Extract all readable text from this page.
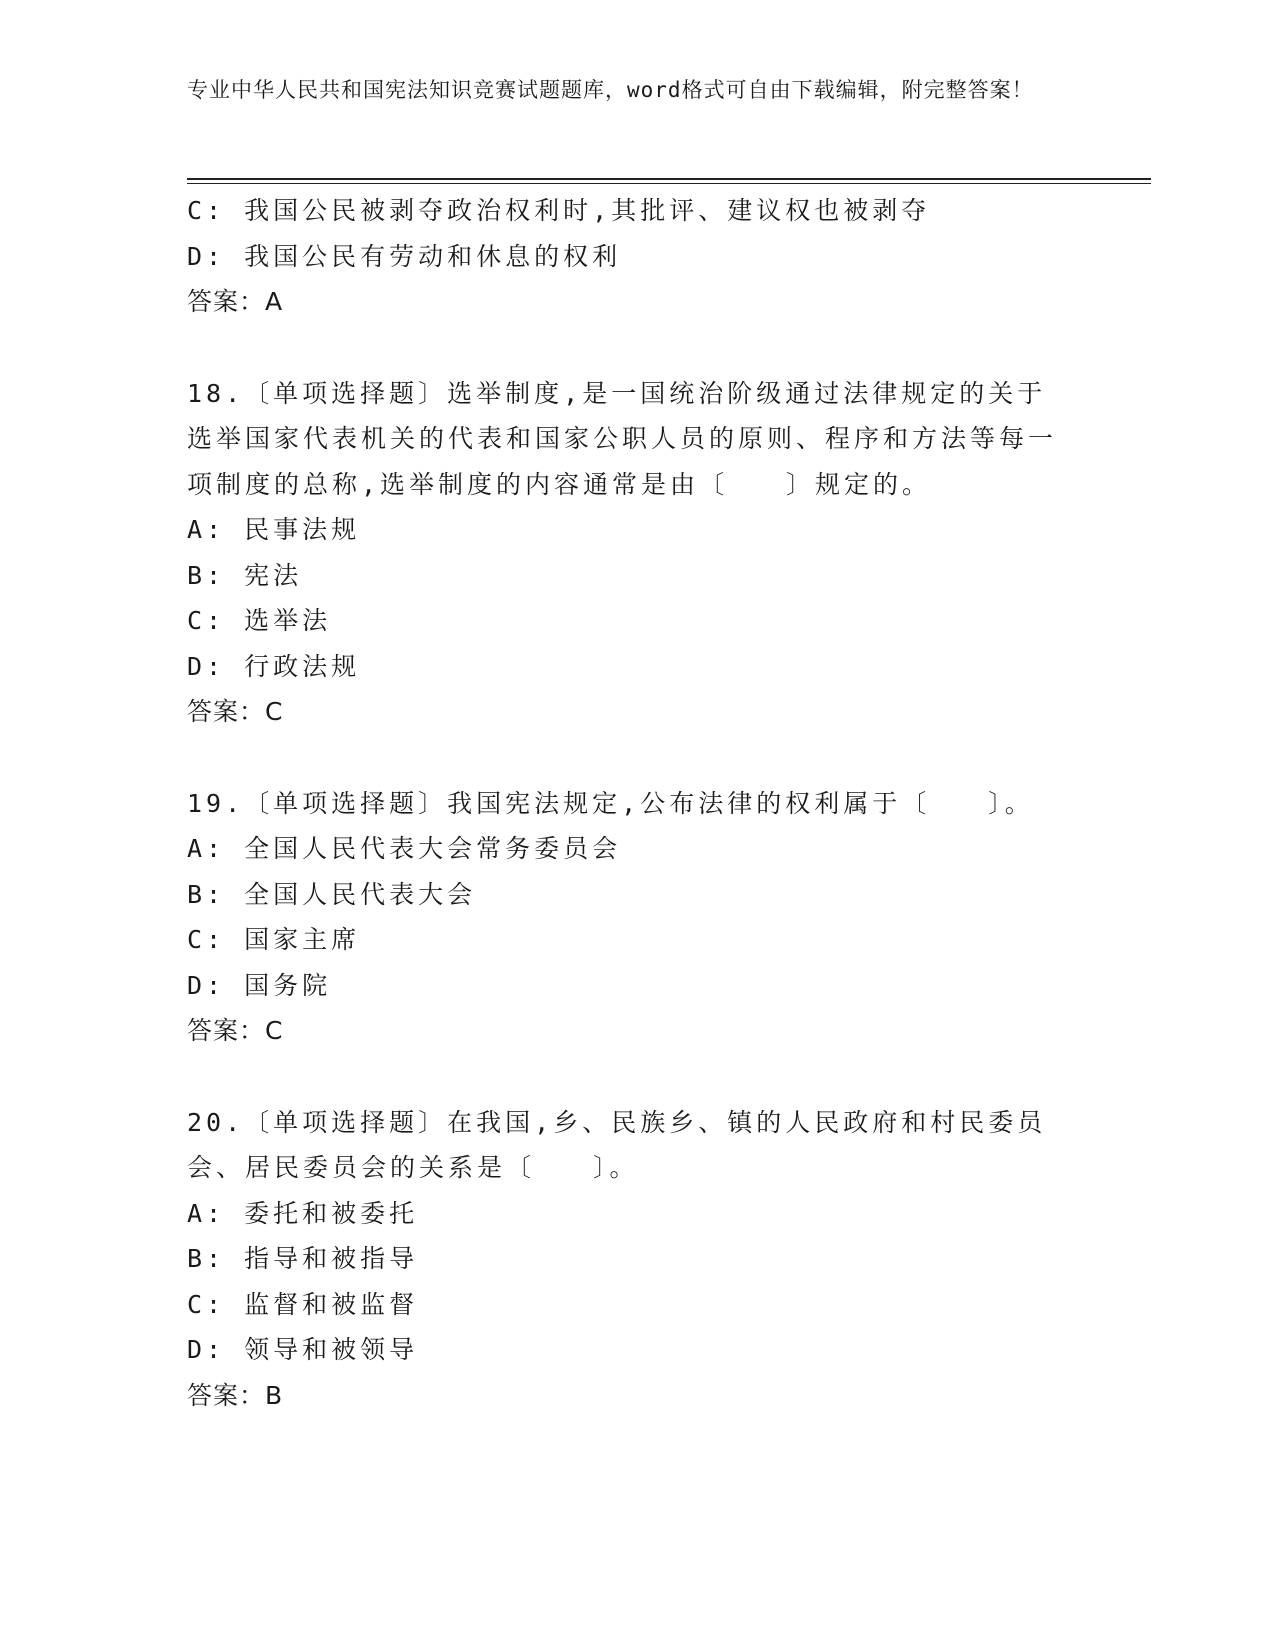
专业中华人民共和国宪法知识竞赛试题题库，word格式可自由下载编辑，附完整答案！
C: 我国公民被剥夺政治权利时,其批评、建议权也被剥夺
D: 我国公民有劳动和休息的权利
答案：A
18.〔单项选择题〕选举制度,是一国统治阶级通过法律规定的关于选举国家代表机关的代表和国家公职人员的原则、程序和方法等每一项制度的总称,选举制度的内容通常是由〔　　〕规定的。
A: 民事法规
B: 宪法
C: 选举法
D: 行政法规
答案：C
19.〔单项选择题〕我国宪法规定,公布法律的权利属于〔　　〕。
A: 全国人民代表大会常务委员会
B: 全国人民代表大会
C: 国家主席
D: 国务院
答案：C
20.〔单项选择题〕在我国,乡、民族乡、镇的人民政府和村民委员会、居民委员会的关系是〔　　〕。
A: 委托和被委托
B: 指导和被指导
C: 监督和被监督
D: 领导和被领导
答案：B
